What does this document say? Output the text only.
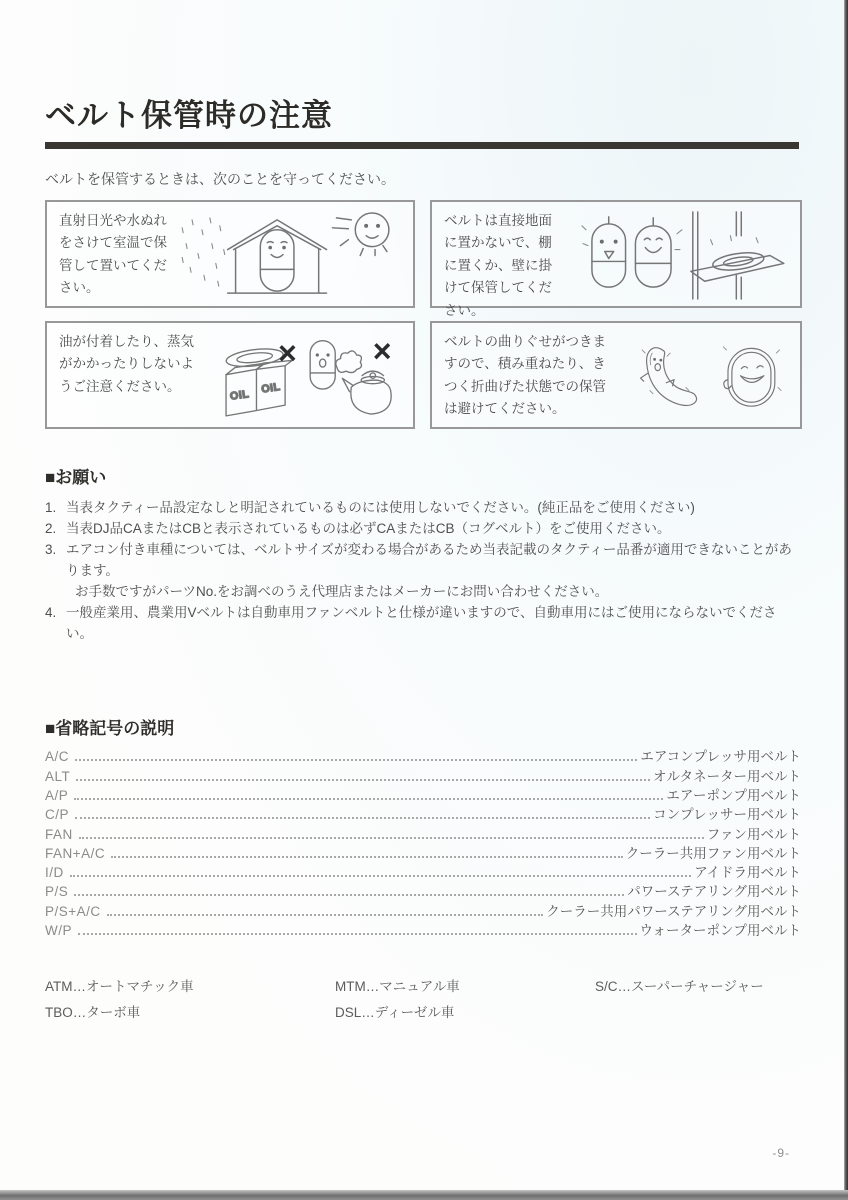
ベルト保管時の注意

ベルトを保管するときは、次のことを守ってください。

直射日光や水ぬれをさけて室温で保管して置いてください。
ベルトは直接地面に置かないで、棚に置くか、壁に掛けて保管してください。
油が付着したり、蒸気がかかったりしないようご注意ください。
OIL OIL
× ×	ベルトの曲りぐせがつきますので、積み重ねたり、きつく折曲げた状態での保管は避けてください。
■お願い
1. 当表タクティー品設定なしと明記されているものには使用しないでください。(純正品をご使用ください)
2. 当表DJ品CAまたはCBと表示されているものは必ずCAまたはCB（コグベルト）をご使用ください。
3. エアコン付き車種については、ベルトサイズが変わる場合があるため当表記載のタクティー品番が適用できないことがあります。
お手数ですがパーツNo.をお調べのうえ代理店またはメーカーにお問い合わせください。
4. 一般産業用、農業用Vベルトは自動車用ファンベルトと仕様が違いますので、自動車用にはご使用にならないでください。
■省略記号の説明
A/C	エアコンプレッサ用ベルト
ALT	オルタネーター用ベルト
A/P	エアーポンプ用ベルト
C/P	コンプレッサー用ベルト
FAN	ファン用ベルト
FAN+A/C	クーラー共用ファン用ベルト
I/D	アイドラ用ベルト
P/S	パワーステアリング用ベルト
P/S+A/C	クーラー共用パワーステアリング用ベルト
W/P	ウォーターポンプ用ベルト
ATM…オートマチック車
TBO…ターボ車
MTM…マニュアル車
DSL…ディーゼル車
S/C…スーパーチャージャー
-9-
